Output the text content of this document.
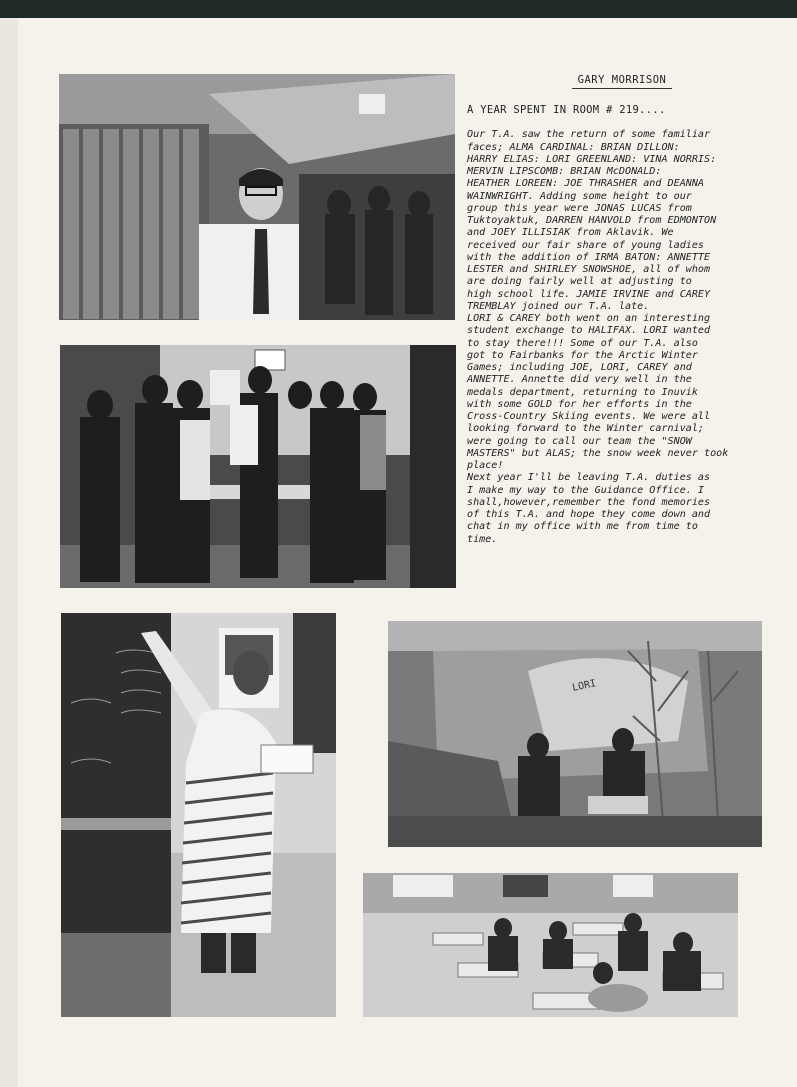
LORI
GARY MORRISON
A YEAR SPENT IN ROOM # 219....
Our T.A. saw the return of some familiar
faces; ALMA CARDINAL: BRIAN DILLON:
HARRY ELIAS: LORI GREENLAND: VINA NORRIS:
MERVIN LIPSCOMB: BRIAN McDONALD:
HEATHER LOREEN: JOE THRASHER and DEANNA
WAINWRIGHT. Adding some height to our
group this year were JONAS LUCAS from
Tuktoyaktuk, DARREN HANVOLD from EDMONTON
and JOEY ILLISIAK from Aklavik. We
received our fair share of young ladies
with the addition of IRMA BATON: ANNETTE
LESTER and SHIRLEY SNOWSHOE, all of whom
are doing fairly well at adjusting to
high school life. JAMIE IRVINE and CAREY
TREMBLAY joined our T.A. late.
LORI & CAREY both went on an interesting
student exchange to HALIFAX. LORI wanted
to stay there!!! Some of our T.A. also
got to Fairbanks for the Arctic Winter
Games; including JOE, LORI, CAREY and
ANNETTE. Annette did very well in the
medals department, returning to Inuvik
with some GOLD for her efforts in the
Cross-Country Skiing events. We were all
looking forward to the Winter carnival;
were going to call our team the "SNOW
MASTERS" but ALAS; the snow week never took
place!
Next year I'll be leaving T.A. duties as
I make my way to the Guidance Office. I
shall,however,remember the fond memories
of this T.A. and hope they come down and
chat in my office with me from time to
time.
